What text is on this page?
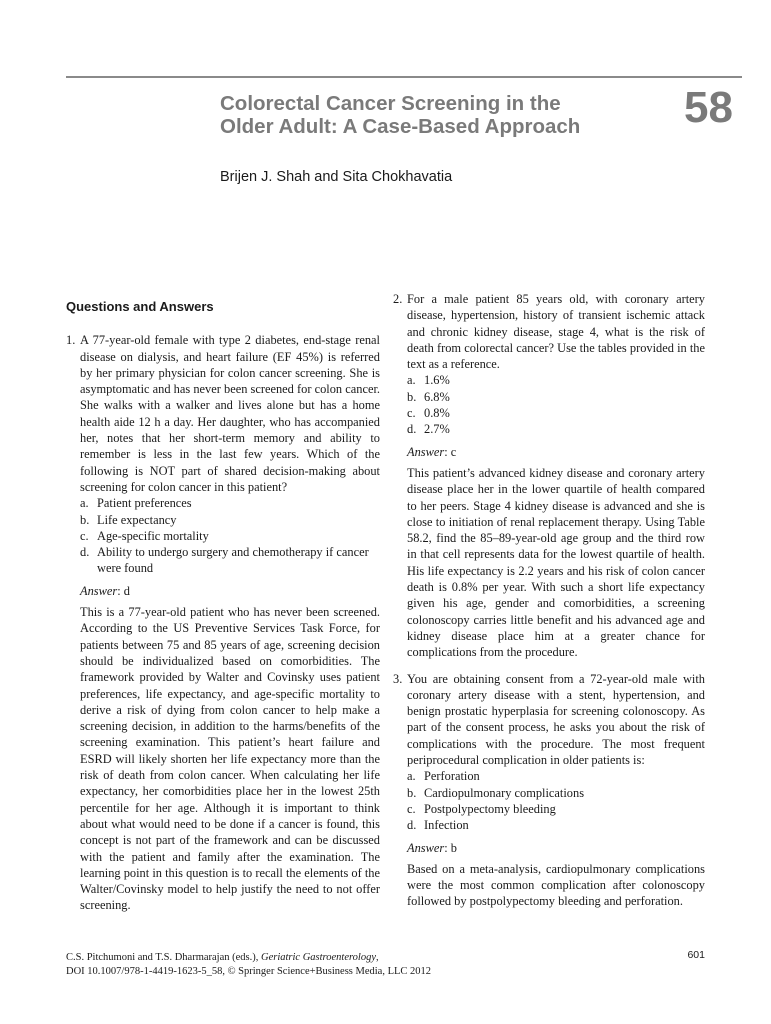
Colorectal Cancer Screening in the
Older Adult: A Case-Based Approach 58
Brijen J. Shah and Sita Chokhavatia
Questions and Answers
1. A 77-year-old female with type 2 diabetes, end-stage renal disease on dialysis, and heart failure (EF 45%) is referred by her primary physician for colon cancer screening. She is asymptomatic and has never been screened for colon cancer. She walks with a walker and lives alone but has a home health aide 12 h a day. Her daughter, who has accompanied her, notes that her short-term memory and ability to remember is less in the last few years. Which of the following is NOT part of shared decision-making about screening for colon cancer in this patient?
a. Patient preferences
b. Life expectancy
c. Age-specific mortality
d. Ability to undergo surgery and chemotherapy if cancer were found
Answer: d

This is a 77-year-old patient who has never been screened. According to the US Preventive Services Task Force, for patients between 75 and 85 years of age, screening decision should be individualized based on comorbidities. The framework provided by Walter and Covinsky uses patient preferences, life expectancy, and age-specific mortality to derive a risk of dying from colon cancer to help make a screening decision, in addition to the harms/benefits of the screening examination. This patient’s heart failure and ESRD will likely shorten her life expectancy more than the risk of death from colon cancer. When calculating her life expectancy, her comorbidities place her in the lowest 25th percentile for her age. Although it is important to think about what would need to be done if a cancer is found, this concept is not part of the framework and can be discussed with the patient and family after the examination. The learning point in this question is to recall the elements of the Walter/Covinsky model to help justify the need to not offer screening.

2. For a male patient 85 years old, with coronary artery disease, hypertension, history of transient ischemic attack and chronic kidney disease, stage 4, what is the risk of death from colorectal cancer? Use the tables provided in the text as a reference.
a. 1.6%
b. 6.8%
c. 0.8%
d. 2.7%
Answer: c

This patient’s advanced kidney disease and coronary artery disease place her in the lower quartile of health compared to her peers. Stage 4 kidney disease is advanced and she is close to initiation of renal replacement therapy. Using Table 58.2, find the 85–89-year-old age group and the third row in that cell represents data for the lowest quartile of health. His life expectancy is 2.2 years and his risk of colon cancer death is 0.8% per year. With such a short life expectancy given his age, gender and comorbidities, a screening colonoscopy carries little benefit and his advanced age and kidney disease place him at a greater chance for complications from the procedure.

3. You are obtaining consent from a 72-year-old male with coronary artery disease with a stent, hypertension, and benign prostatic hyperplasia for screening colonoscopy. As part of the consent process, he asks you about the risk of complications with the procedure. The most frequent periprocedural complication in older patients is:
a. Perforation
b. Cardiopulmonary complications
c. Postpolypectomy bleeding
d. Infection
Answer: b

Based on a meta-analysis, cardiopulmonary complications were the most common complication after colonoscopy followed by postpolypectomy bleeding and perforation.

C.S. Pitchumoni and T.S. Dharmarajan (eds.), Geriatric Gastroenterology,
DOI 10.1007/978-1-4419-1623-5_58, © Springer Science+Business Media, LLC 2012
601
